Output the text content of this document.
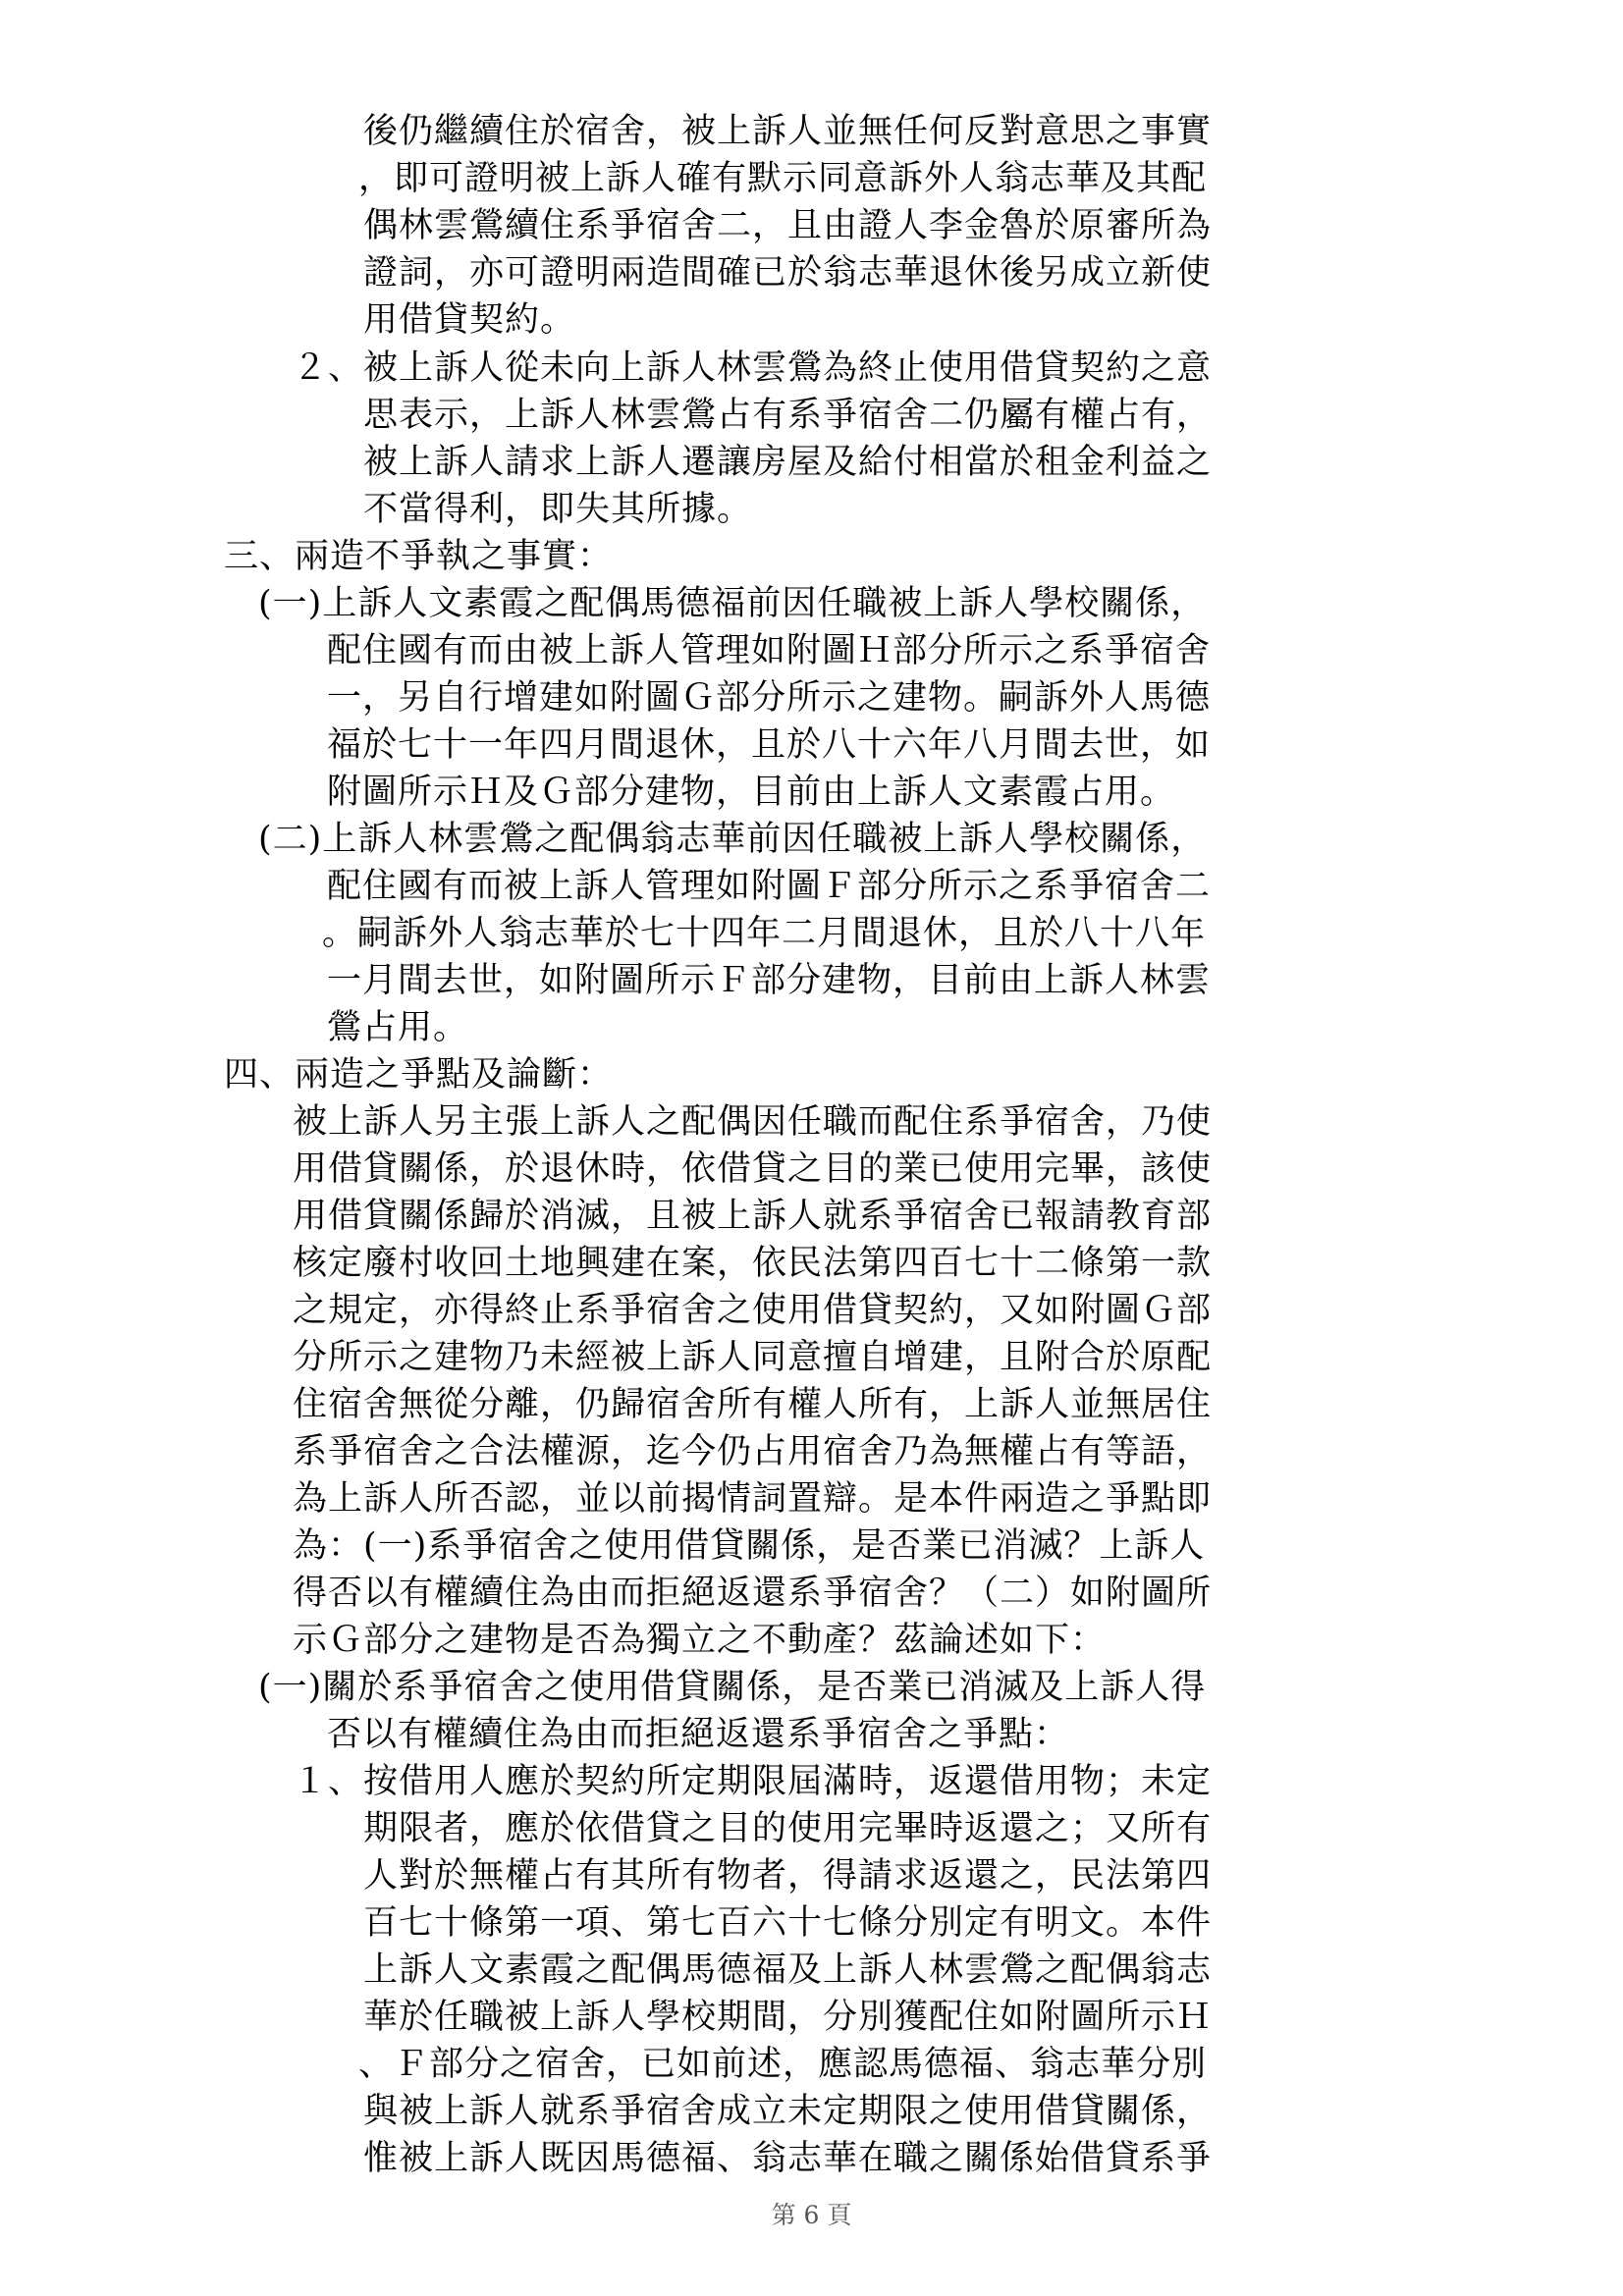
後仍繼續住於宿舍，被上訴人並無任何反對意思之事實
，即可證明被上訴人確有默示同意訴外人翁志華及其配
偶林雲鶯續住系爭宿舍二，且由證人李金魯於原審所為
證詞，亦可證明兩造間確已於翁志華退休後另成立新使
用借貸契約。
２、被上訴人從未向上訴人林雲鶯為終止使用借貸契約之意
思表示，上訴人林雲鶯占有系爭宿舍二仍屬有權占有，
被上訴人請求上訴人遷讓房屋及給付相當於租金利益之
不當得利，即失其所據。
三、兩造不爭執之事實：
(一)上訴人文素霞之配偶馬德福前因任職被上訴人學校關係，
配住國有而由被上訴人管理如附圖Ｈ部分所示之系爭宿舍
一，另自行增建如附圖Ｇ部分所示之建物。嗣訴外人馬德
福於七十一年四月間退休，且於八十六年八月間去世，如
附圖所示Ｈ及Ｇ部分建物，目前由上訴人文素霞占用。
(二)上訴人林雲鶯之配偶翁志華前因任職被上訴人學校關係，
配住國有而被上訴人管理如附圖Ｆ部分所示之系爭宿舍二
。嗣訴外人翁志華於七十四年二月間退休，且於八十八年
一月間去世，如附圖所示Ｆ部分建物，目前由上訴人林雲
鶯占用。
四、兩造之爭點及論斷：
被上訴人另主張上訴人之配偶因任職而配住系爭宿舍，乃使
用借貸關係，於退休時，依借貸之目的業已使用完畢，該使
用借貸關係歸於消滅，且被上訴人就系爭宿舍已報請教育部
核定廢村收回土地興建在案，依民法第四百七十二條第一款
之規定，亦得終止系爭宿舍之使用借貸契約，又如附圖Ｇ部
分所示之建物乃未經被上訴人同意擅自增建，且附合於原配
住宿舍無從分離，仍歸宿舍所有權人所有，上訴人並無居住
系爭宿舍之合法權源，迄今仍占用宿舍乃為無權占有等語，
為上訴人所否認，並以前揭情詞置辯。是本件兩造之爭點即
為：(一)系爭宿舍之使用借貸關係，是否業已消滅？上訴人
得否以有權續住為由而拒絕返還系爭宿舍？（二）如附圖所
示Ｇ部分之建物是否為獨立之不動產？茲論述如下：
(一)關於系爭宿舍之使用借貸關係，是否業已消滅及上訴人得
否以有權續住為由而拒絕返還系爭宿舍之爭點：
１、按借用人應於契約所定期限屆滿時，返還借用物；未定
期限者，應於依借貸之目的使用完畢時返還之；又所有
人對於無權占有其所有物者，得請求返還之，民法第四
百七十條第一項、第七百六十七條分別定有明文。本件
上訴人文素霞之配偶馬德福及上訴人林雲鶯之配偶翁志
華於任職被上訴人學校期間，分別獲配住如附圖所示Ｈ
、Ｆ部分之宿舍，已如前述，應認馬德福、翁志華分別
與被上訴人就系爭宿舍成立未定期限之使用借貸關係，
惟被上訴人既因馬德福、翁志華在職之關係始借貸系爭
第 6 頁
